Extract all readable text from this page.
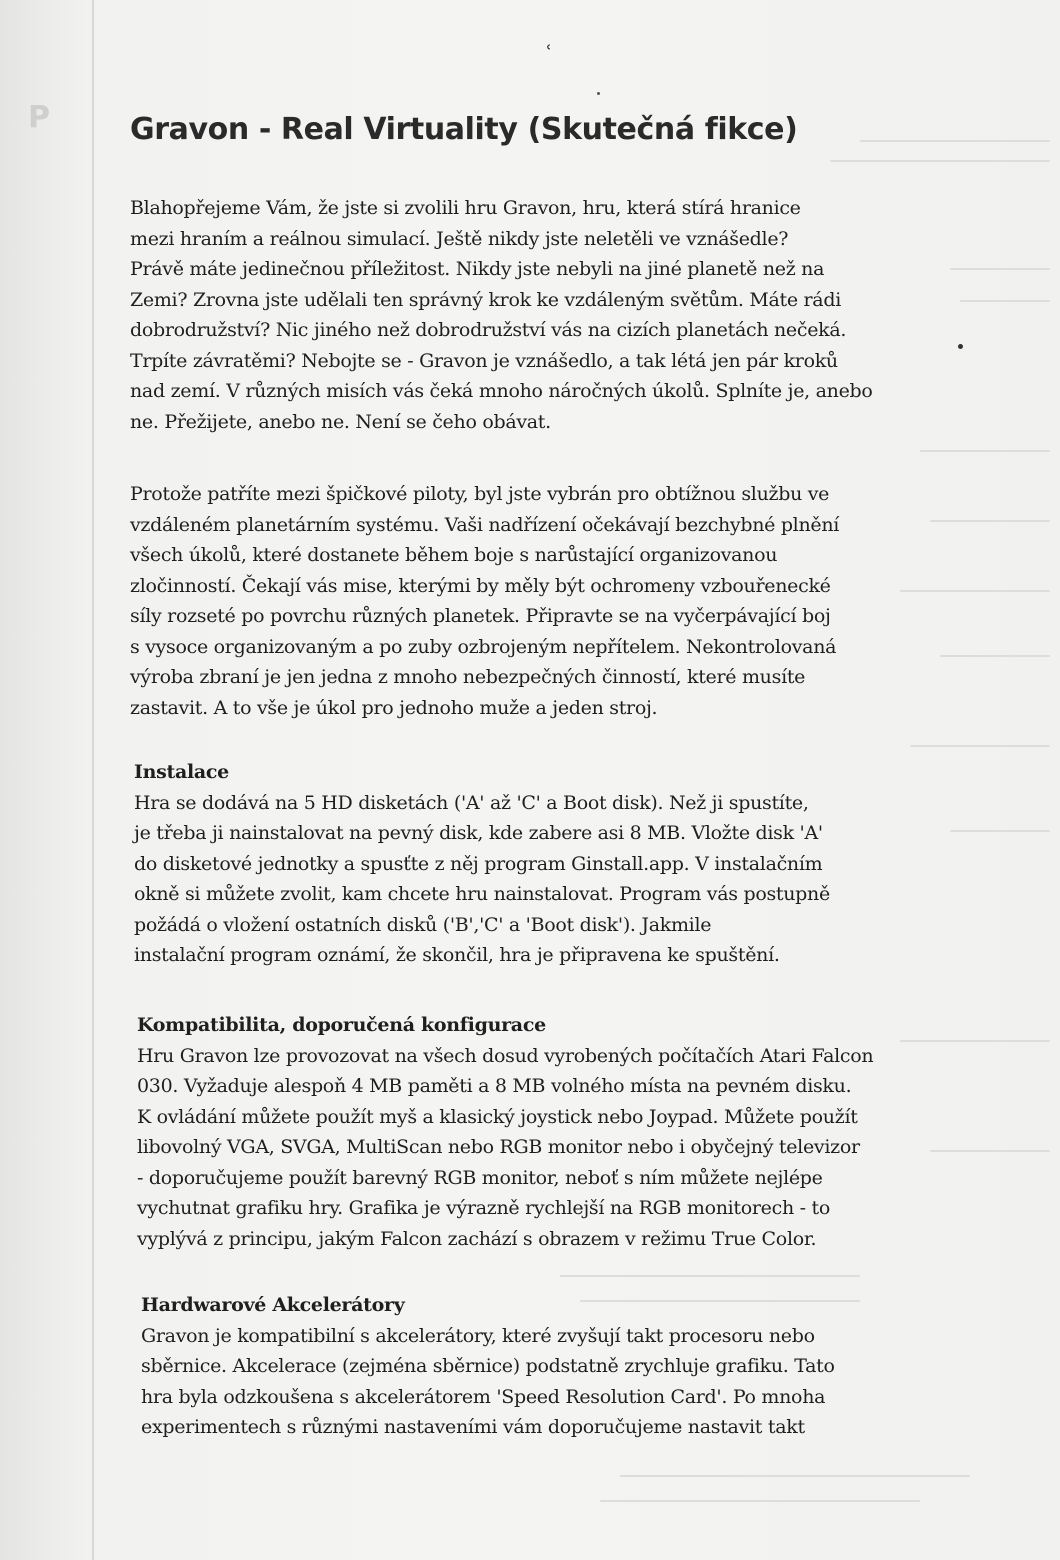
P
ʿ
Gravon - Real Virtuality (Skutečná fikce)
Blahopřejeme Vám, že jste si zvolili hru Gravon, hru, která stírá hranice
mezi hraním a reálnou simulací. Ještě nikdy jste neletěli ve vznášedle?
Právě máte jedinečnou příležitost. Nikdy jste nebyli na jiné planetě než na
Zemi? Zrovna jste udělali ten správný krok ke vzdáleným světům. Máte rádi
dobrodružství? Nic jiného než dobrodružství vás na cizích planetách nečeká.
Trpíte závratěmi? Nebojte se - Gravon je vznášedlo, a tak létá jen pár kroků
nad zemí. V různých misích vás čeká mnoho náročných úkolů. Splníte je, anebo
ne. Přežijete, anebo ne. Není se čeho obávat.
Protože patříte mezi špičkové piloty, byl jste vybrán pro obtížnou službu ve
vzdáleném planetárním systému. Vaši nadřízení očekávají bezchybné plnění
všech úkolů, které dostanete během boje s narůstající organizovanou
zločinností. Čekají vás mise, kterými by měly být ochromeny vzbouřenecké
síly rozseté po povrchu různých planetek. Připravte se na vyčerpávající boj
s vysoce organizovaným a po zuby ozbrojeným nepřítelem. Nekontrolovaná
výroba zbraní je jen jedna z mnoho nebezpečných činností, které musíte
zastavit. A to vše je úkol pro jednoho muže a jeden stroj.
Instalace
Hra se dodává na 5 HD disketách ('A' až 'C' a Boot disk). Než ji spustíte,
je třeba ji nainstalovat na pevný disk, kde zabere asi 8 MB. Vložte disk 'A'
do disketové jednotky a spusťte z něj program Ginstall.app. V instalačním
okně si můžete zvolit, kam chcete hru nainstalovat. Program vás postupně
požádá o vložení ostatních disků ('B','C' a 'Boot disk'). Jakmile
instalační program oznámí, že skončil, hra je připravena ke spuštění.
Kompatibilita, doporučená konfigurace
Hru Gravon lze provozovat na všech dosud vyrobených počítačích Atari Falcon
030. Vyžaduje alespoň 4 MB paměti a 8 MB volného místa na pevném disku.
K ovládání můžete použít myš a klasický joystick nebo Joypad. Můžete použít
libovolný VGA, SVGA, MultiScan nebo RGB monitor nebo i obyčejný televizor
- doporučujeme použít barevný RGB monitor, neboť s ním můžete nejlépe
vychutnat grafiku hry. Grafika je výrazně rychlejší na RGB monitorech - to
vyplývá z principu, jakým Falcon zachází s obrazem v režimu True Color.
Hardwarové Akcelerátory
Gravon je kompatibilní s akcelerátory, které zvyšují takt procesoru nebo
sběrnice. Akcelerace (zejména sběrnice) podstatně zrychluje grafiku. Tato
hra byla odzkoušena s akcelerátorem 'Speed Resolution Card'. Po mnoha
experimentech s různými nastaveními vám doporučujeme nastavit takt
